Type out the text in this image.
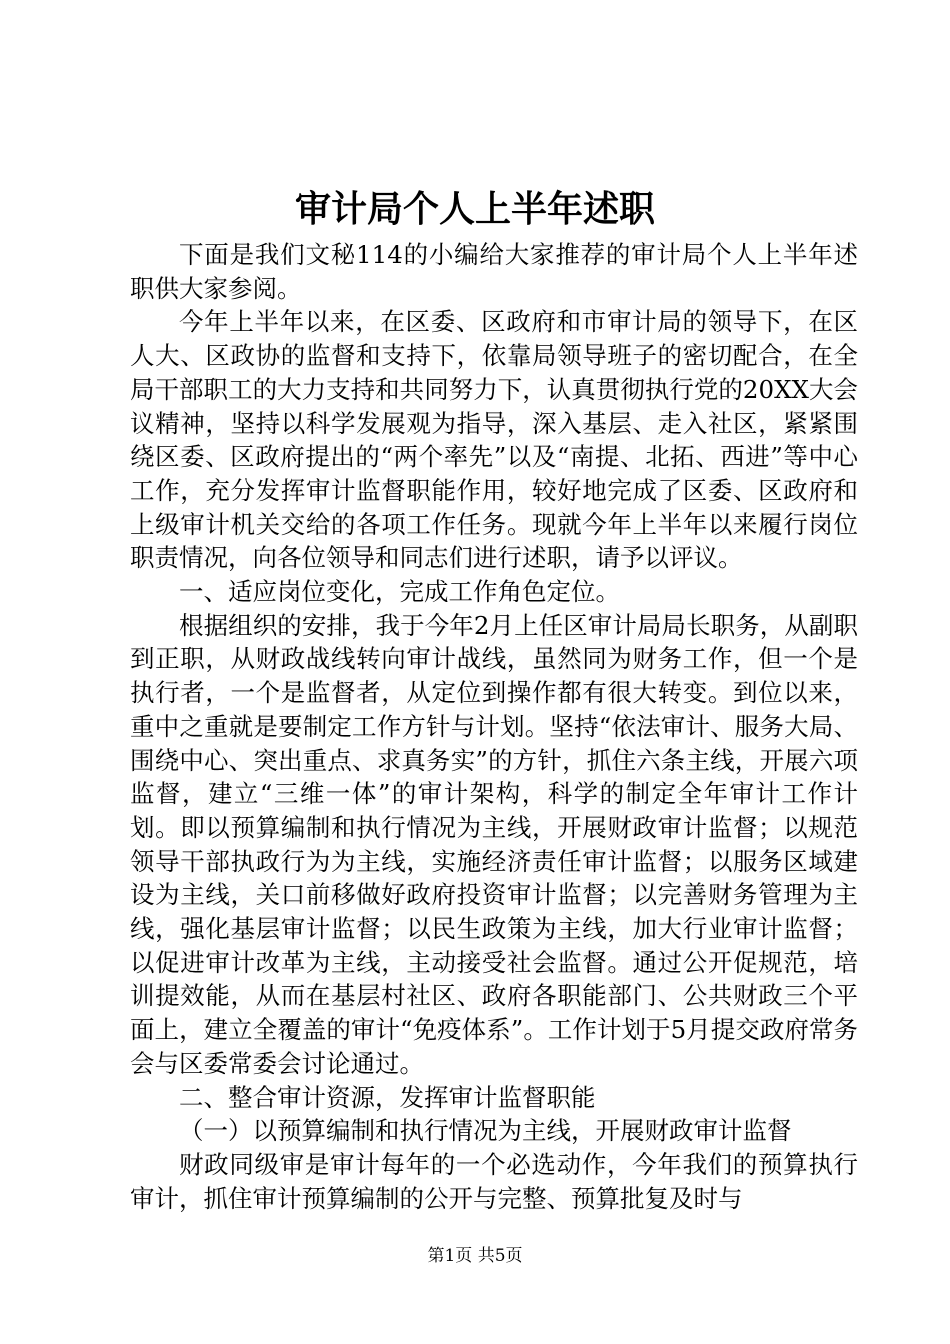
审计局个人上半年述职

下面是我们文秘114的小编给大家推荐的审计局个人上半年述职供大家参阅。

今年上半年以来，在区委、区政府和市审计局的领导下，在区人大、区政协的监督和支持下，依靠局领导班子的密切配合，在全局干部职工的大力支持和共同努力下，认真贯彻执行党的20XX大会议精神，坚持以科学发展观为指导，深入基层、走入社区，紧紧围绕区委、区政府提出的“两个率先”以及“南提、北拓、西进”等中心工作，充分发挥审计监督职能作用，较好地完成了区委、区政府和上级审计机关交给的各项工作任务。现就今年上半年以来履行岗位职责情况，向各位领导和同志们进行述职，请予以评议。

一、适应岗位变化，完成工作角色定位。

根据组织的安排，我于今年2月上任区审计局局长职务，从副职到正职，从财政战线转向审计战线，虽然同为财务工作，但一个是执行者，一个是监督者，从定位到操作都有很大转变。到位以来，重中之重就是要制定工作方针与计划。坚持“依法审计、服务大局、围绕中心、突出重点、求真务实”的方针，抓住六条主线，开展六项监督，建立“三维一体”的审计架构，科学的制定全年审计工作计划。即以预算编制和执行情况为主线，开展财政审计监督；以规范领导干部执政行为为主线，实施经济责任审计监督；以服务区域建设为主线，关口前移做好政府投资审计监督；以完善财务管理为主线，强化基层审计监督；以民生政策为主线，加大行业审计监督；以促进审计改革为主线，主动接受社会监督。通过公开促规范，培训提效能，从而在基层村社区、政府各职能部门、公共财政三个平面上，建立全覆盖的审计“免疫体系”。工作计划于5月提交政府常务会与区委常委会讨论通过。

二、整合审计资源，发挥审计监督职能

（一）以预算编制和执行情况为主线，开展财政审计监督

财政同级审是审计每年的一个必选动作，今年我们的预算执行审计，抓住审计预算编制的公开与完整、预算批复及时与

第1页 共5页
